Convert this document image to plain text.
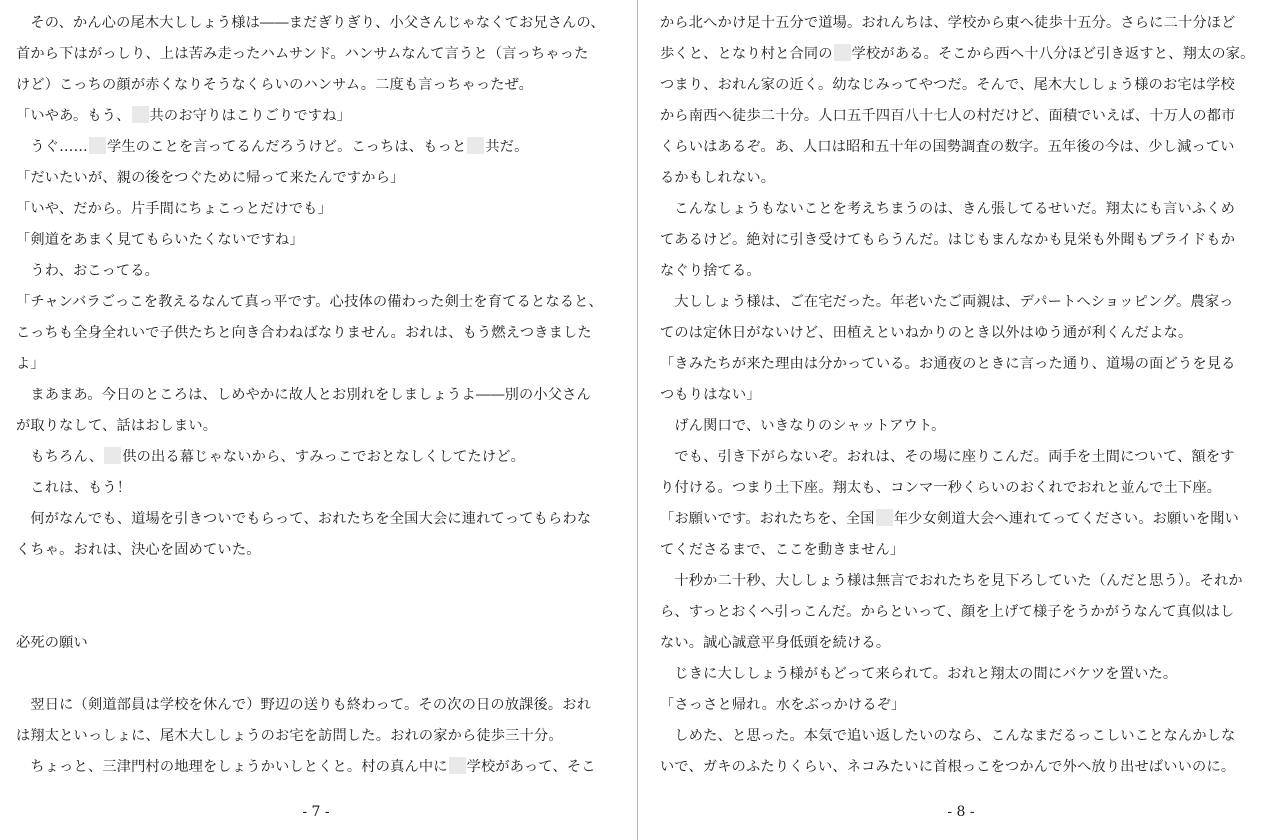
　その、かん心の尾木大ししょう様は――まだぎりぎり、小父さんじゃなくてお兄さんの、
首から下はがっしり、上は苦み走ったハムサンド。ハンサムなんて言うと（言っちゃった
けど）こっちの顔が赤くなりそうなくらいのハンサム。二度も言っちゃったぜ。
「いやあ。もう、 共のお守りはこりごりですね」
　うぐ…… 学生のことを言ってるんだろうけど。こっちは、もっと 共だ。
「だいたいが、親の後をつぐために帰って来たんですから」
「いや、だから。片手間にちょこっとだけでも」
「剣道をあまく見てもらいたくないですね」
　うわ、おこってる。
「チャンバラごっこを教えるなんて真っ平です。心技体の備わった剣士を育てるとなると、
こっちも全身全れいで子供たちと向き合わねばなりません。おれは、もう燃えつきました
よ」
　まあまあ。今日のところは、しめやかに故人とお別れをしましょうよ――別の小父さん
が取りなして、話はおしまい。
　もちろん、 供の出る幕じゃないから、すみっこでおとなしくしてたけど。
　これは、もう！
　何がなんでも、道場を引きついでもらって、おれたちを全国大会に連れてってもらわな
くちゃ。おれは、決心を固めていた。
必死の願い
　翌日に（剣道部員は学校を休んで）野辺の送りも終わって。その次の日の放課後。おれ
は翔太といっしょに、尾木大ししょうのお宅を訪問した。おれの家から徒歩三十分。
　ちょっと、三津門村の地理をしょうかいしとくと。村の真ん中に 学校があって、そこ
- 7 -
から北へかけ足十五分で道場。おれんちは、学校から東へ徒歩十五分。さらに二十分ほど
歩くと、となり村と合同の 学校がある。そこから西へ十八分ほど引き返すと、翔太の家。
つまり、おれん家の近く。幼なじみってやつだ。そんで、尾木大ししょう様のお宅は学校
から南西へ徒歩二十分。人口五千四百八十七人の村だけど、面積でいえば、十万人の都市
くらいはあるぞ。あ、人口は昭和五十年の国勢調査の数字。五年後の今は、少し減ってい
るかもしれない。
　こんなしょうもないことを考えちまうのは、きん張してるせいだ。翔太にも言いふくめ
てあるけど。絶対に引き受けてもらうんだ。はじもまんなかも見栄も外聞もプライドもか
なぐり捨てる。
　大ししょう様は、ご在宅だった。年老いたご両親は、デパートへショッピング。農家っ
てのは定休日がないけど、田植えといねかりのとき以外はゆう通が利くんだよな。
「きみたちが来た理由は分かっている。お通夜のときに言った通り、道場の面どうを見る
つもりはない」
　げん関口で、いきなりのシャットアウト。
　でも、引き下がらないぞ。おれは、その場に座りこんだ。両手を土間について、額をす
り付ける。つまり土下座。翔太も、コンマ一秒くらいのおくれでおれと並んで土下座。
「お願いです。おれたちを、全国 年少女剣道大会へ連れてってください。お願いを聞い
てくださるまで、ここを動きません」
　十秒か二十秒、大ししょう様は無言でおれたちを見下ろしていた（んだと思う）。それか
ら、すっとおくへ引っこんだ。からといって、顔を上げて様子をうかがうなんて真似はし
ない。誠心誠意平身低頭を続ける。
　じきに大ししょう様がもどって来られて。おれと翔太の間にバケツを置いた。
「さっさと帰れ。水をぶっかけるぞ」
　しめた、と思った。本気で追い返したいのなら、こんなまだるっこしいことなんかしな
いで、ガキのふたりくらい、ネコみたいに首根っこをつかんで外へ放り出せばいいのに。
- 8 -
